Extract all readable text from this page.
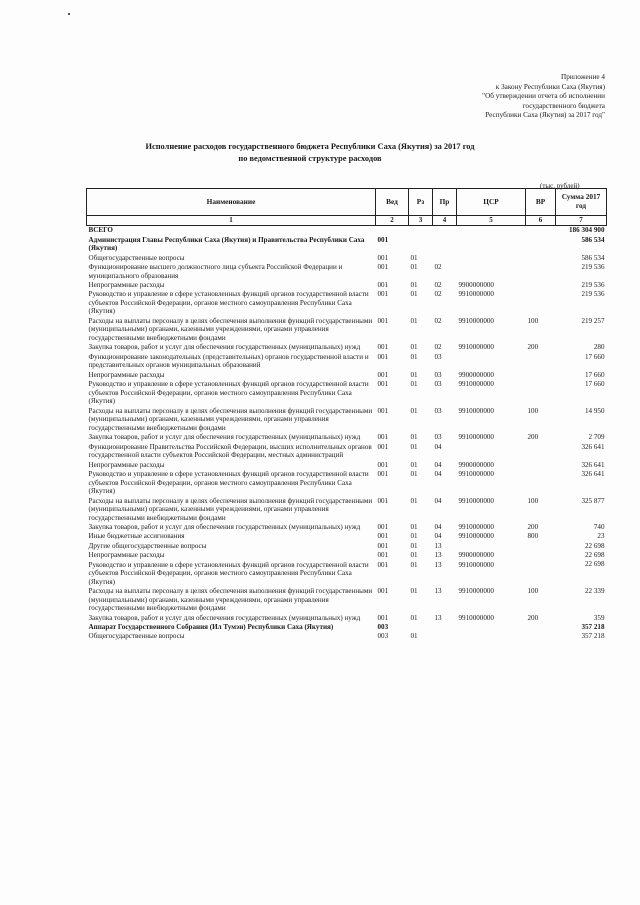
Приложение 4
к Закону Республики Саха (Якутия)
"Об утверждении отчета об исполнении
государственного бюджета
Республики Саха (Якутия) за 2017 год"
Исполнение расходов государственного бюджета Республики Саха (Якутия) за 2017 год
по ведомственной структуре расходов
(тыс. рублей)
Наименование	Вед	Рз	Пр	ЦСР	ВР	Сумма 2017 год
1	2	3	4	5	6	7
ВСЕГО						186 304 900
Администрация Главы Республики Саха (Якутия) и Правительства Республики Саха (Якутия)	001					586 534
Общегосударственные вопросы	001	01				586 534
Функционирование высшего должностного лица субъекта Российской Федерации и муниципального образования	001	01	02			219 536
Непрограммные расходы	001	01	02	9900000000		219 536
Руководство и управление в сфере установленных функций органов государственной власти субъектов Российской Федерации, органов местного самоуправления Республики Саха (Якутия)	001	01	02	9910000000		219 536
Расходы на выплаты персоналу в целях обеспечения выполнения функций государственными (муниципальными) органами, казенными учреждениями, органами управления государственными внебюджетными фондами	001	01	02	9910000000	100	219 257
Закупка товаров, работ и услуг для обеспечения государственных (муниципальных) нужд	001	01	02	9910000000	200	280
Функционирование законодательных (представительных) органов государственной власти и представительных органов муниципальных образований	001	01	03			17 660
Непрограммные расходы	001	01	03	9900000000		17 660
Руководство и управление в сфере установленных функций органов государственной власти субъектов Российской Федерации, органов местного самоуправления Республики Саха (Якутия)	001	01	03	9910000000		17 660
Расходы на выплаты персоналу в целях обеспечения выполнения функций государственными (муниципальными) органами, казенными учреждениями, органами управления государственными внебюджетными фондами	001	01	03	9910000000	100	14 950
Закупка товаров, работ и услуг для обеспечения государственных (муниципальных) нужд	001	01	03	9910000000	200	2 709
Функционирование Правительства Российской Федерации, высших исполнительных органов государственной власти субъектов Российской Федерации, местных администраций	001	01	04			326 641
Непрограммные расходы	001	01	04	9900000000		326 641
Руководство и управление в сфере установленных функций органов государственной власти субъектов Российской Федерации, органов местного самоуправления Республики Саха (Якутия)	001	01	04	9910000000		326 641
Расходы на выплаты персоналу в целях обеспечения выполнения функций государственными (муниципальными) органами, казенными учреждениями, органами управления государственными внебюджетными фондами	001	01	04	9910000000	100	325 877
Закупка товаров, работ и услуг для обеспечения государственных (муниципальных) нужд	001	01	04	9910000000	200	740
Иные бюджетные ассигнования	001	01	04	9910000000	800	23
Другие общегосударственные вопросы	001	01	13			22 698
Непрограммные расходы	001	01	13	9900000000		22 698
Руководство и управление в сфере установленных функций органов государственной власти субъектов Российской Федерации, органов местного самоуправления Республики Саха (Якутия)	001	01	13	9910000000		22 698
Расходы на выплаты персоналу в целях обеспечения выполнения функций государственными (муниципальными) органами, казенными учреждениями, органами управления государственными внебюджетными фондами	001	01	13	9910000000	100	22 339
Закупка товаров, работ и услуг для обеспечения государственных (муниципальных) нужд	001	01	13	9910000000	200	359
Аппарат Государственного Собрания (Ил Тумэн) Республики Саха (Якутия)	003					357 218
Общегосударственные вопросы	003	01				357 218
